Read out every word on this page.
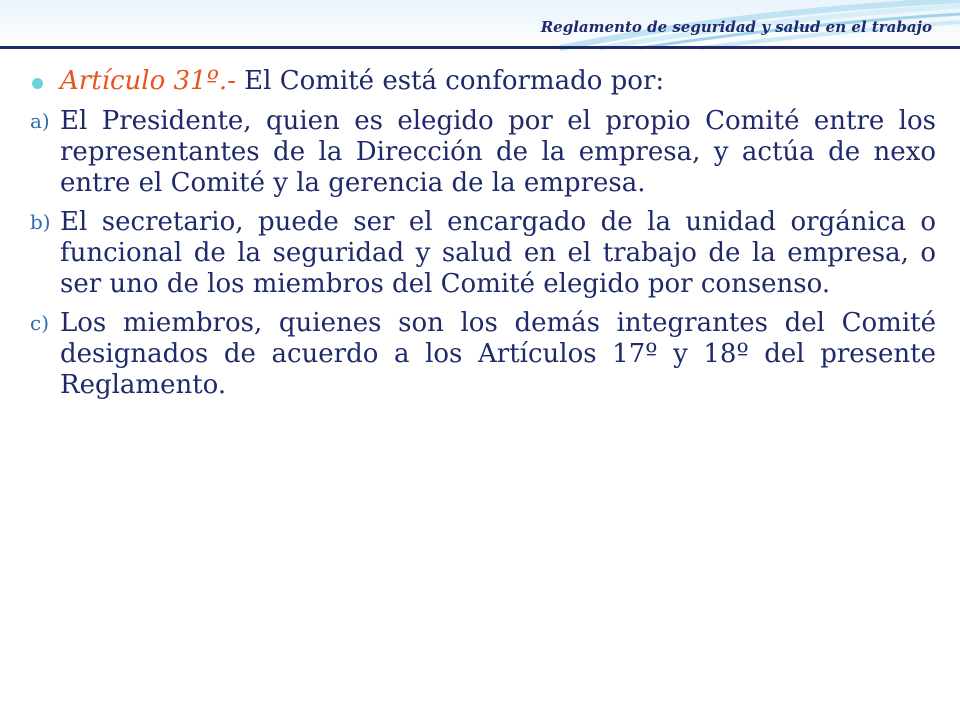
Reglamento de seguridad y salud en el trabajo
Artículo 31º.- El Comité está conformado por:
a) El Presidente, quien es elegido por el propio Comité entre los representantes de la Dirección de la empresa, y actúa de nexo entre el Comité y la gerencia de la empresa.
b) El secretario, puede ser el encargado de la unidad orgánica o funcional de la seguridad y salud en el trabajo de la empresa, o ser uno de los miembros del Comité elegido por consenso.
c) Los miembros, quienes son los demás integrantes del Comité designados de acuerdo a los Artículos 17º y 18º del presente Reglamento.
